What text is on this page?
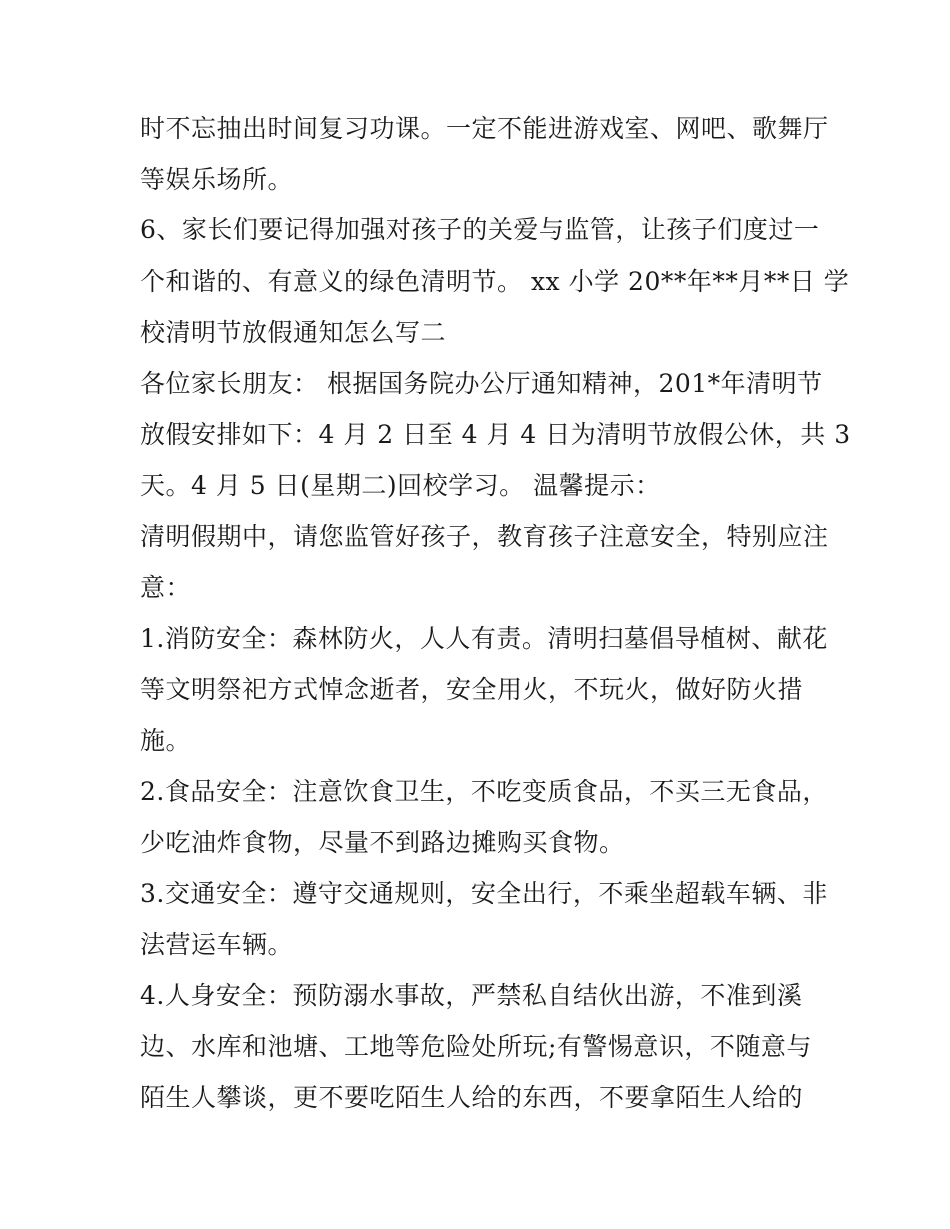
时不忘抽出时间复习功课。一定不能进游戏室、网吧、歌舞厅
等娱乐场所。
6、家长们要记得加强对孩子的关爱与监管，让孩子们度过一
个和谐的、有意义的绿色清明节。 xx 小学 20**年**月**日 学
校清明节放假通知怎么写二
各位家长朋友： 根据国务院办公厅通知精神，201*年清明节
放假安排如下：4 月 2 日至 4 月 4 日为清明节放假公休，共 3
天。4 月 5 日(星期二)回校学习。 温馨提示：
清明假期中，请您监管好孩子，教育孩子注意安全，特别应注
意：
1.消防安全：森林防火，人人有责。清明扫墓倡导植树、献花
等文明祭祀方式悼念逝者，安全用火，不玩火，做好防火措
施。
2.食品安全：注意饮食卫生，不吃变质食品，不买三无食品，
少吃油炸食物，尽量不到路边摊购买食物。
3.交通安全：遵守交通规则，安全出行，不乘坐超载车辆、非
法营运车辆。
4.人身安全：预防溺水事故，严禁私自结伙出游，不准到溪
边、水库和池塘、工地等危险处所玩;有警惕意识，不随意与
陌生人攀谈，更不要吃陌生人给的东西，不要拿陌生人给的
